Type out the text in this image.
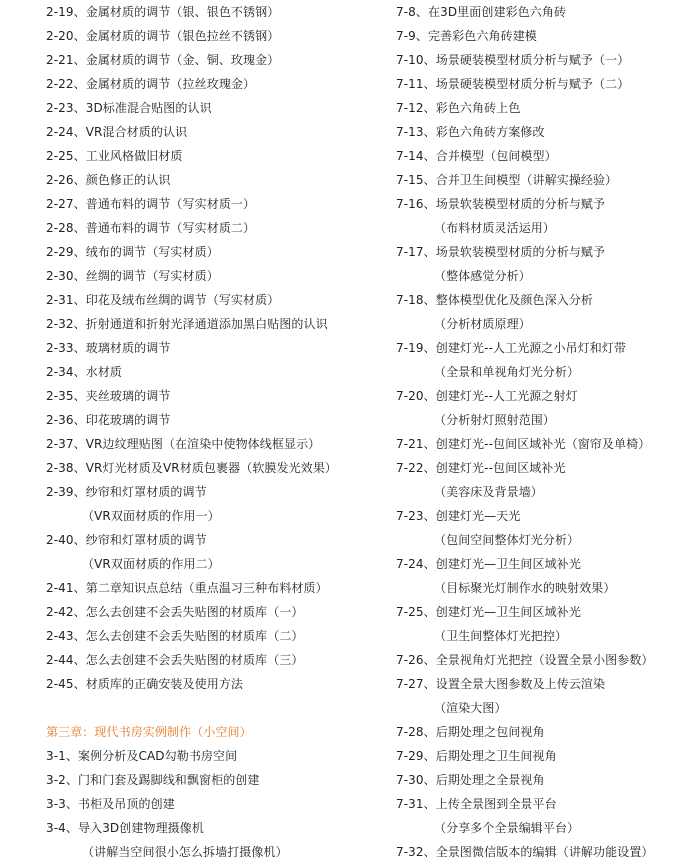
2-19、金属材质的调节（银、银色不锈钢）
2-20、金属材质的调节（银色拉丝不锈钢）
2-21、金属材质的调节（金、铜、玫瑰金）
2-22、金属材质的调节（拉丝玫瑰金）
2-23、3D标准混合贴图的认识
2-24、VR混合材质的认识
2-25、工业风格做旧材质
2-26、颜色修正的认识
2-27、普通布料的调节（写实材质一）
2-28、普通布料的调节（写实材质二）
2-29、绒布的调节（写实材质）
2-30、丝绸的调节（写实材质）
2-31、印花及绒布丝绸的调节（写实材质）
2-32、折射通道和折射光泽通道添加黑白贴图的认识
2-33、玻璃材质的调节
2-34、水材质
2-35、夹丝玻璃的调节
2-36、印花玻璃的调节
2-37、VR边纹理贴图（在渲染中使物体线框显示）
2-38、VR灯光材质及VR材质包裹器（软膜发光效果）
2-39、纱帘和灯罩材质的调节
（VR双面材质的作用一）
2-40、纱帘和灯罩材质的调节
（VR双面材质的作用二）
2-41、第二章知识点总结（重点温习三种布料材质）
2-42、怎么去创建不会丢失贴图的材质库（一）
2-43、怎么去创建不会丢失贴图的材质库（二）
2-44、怎么去创建不会丢失贴图的材质库（三）
2-45、材质库的正确安装及使用方法
第三章：现代书房实例制作（小空间）
3-1、案例分析及CAD勾勒书房空间
3-2、门和门套及踢脚线和飘窗柜的创建
3-3、书柜及吊顶的创建
3-4、导入3D创建物理摄像机
（讲解当空间很小怎么拆墙打摄像机）
7-8、在3D里面创建彩色六角砖
7-9、完善彩色六角砖建模
7-10、场景硬装模型材质分析与赋予（一）
7-11、场景硬装模型材质分析与赋予（二）
7-12、彩色六角砖上色
7-13、彩色六角砖方案修改
7-14、合并模型（包间模型）
7-15、合并卫生间模型（讲解实操经验）
7-16、场景软装模型材质的分析与赋予
（布料材质灵活运用）
7-17、场景软装模型材质的分析与赋予
（整体感觉分析）
7-18、整体模型优化及颜色深入分析
（分析材质原理）
7-19、创建灯光--人工光源之小吊灯和灯带
（全景和单视角灯光分析）
7-20、创建灯光--人工光源之射灯
（分析射灯照射范围）
7-21、创建灯光--包间区域补光（窗帘及单椅）
7-22、创建灯光--包间区域补光
（美容床及背景墙）
7-23、创建灯光—天光
（包间空间整体灯光分析）
7-24、创建灯光—卫生间区域补光
（目标聚光灯制作水的映射效果）
7-25、创建灯光—卫生间区域补光
（卫生间整体灯光把控）
7-26、全景视角灯光把控（设置全景小图参数）
7-27、设置全景大图参数及上传云渲染
（渲染大图）
7-28、后期处理之包间视角
7-29、后期处理之卫生间视角
7-30、后期处理之全景视角
7-31、上传全景图到全景平台
（分享多个全景编辑平台）
7-32、全景图微信版本的编辑（讲解功能设置）
